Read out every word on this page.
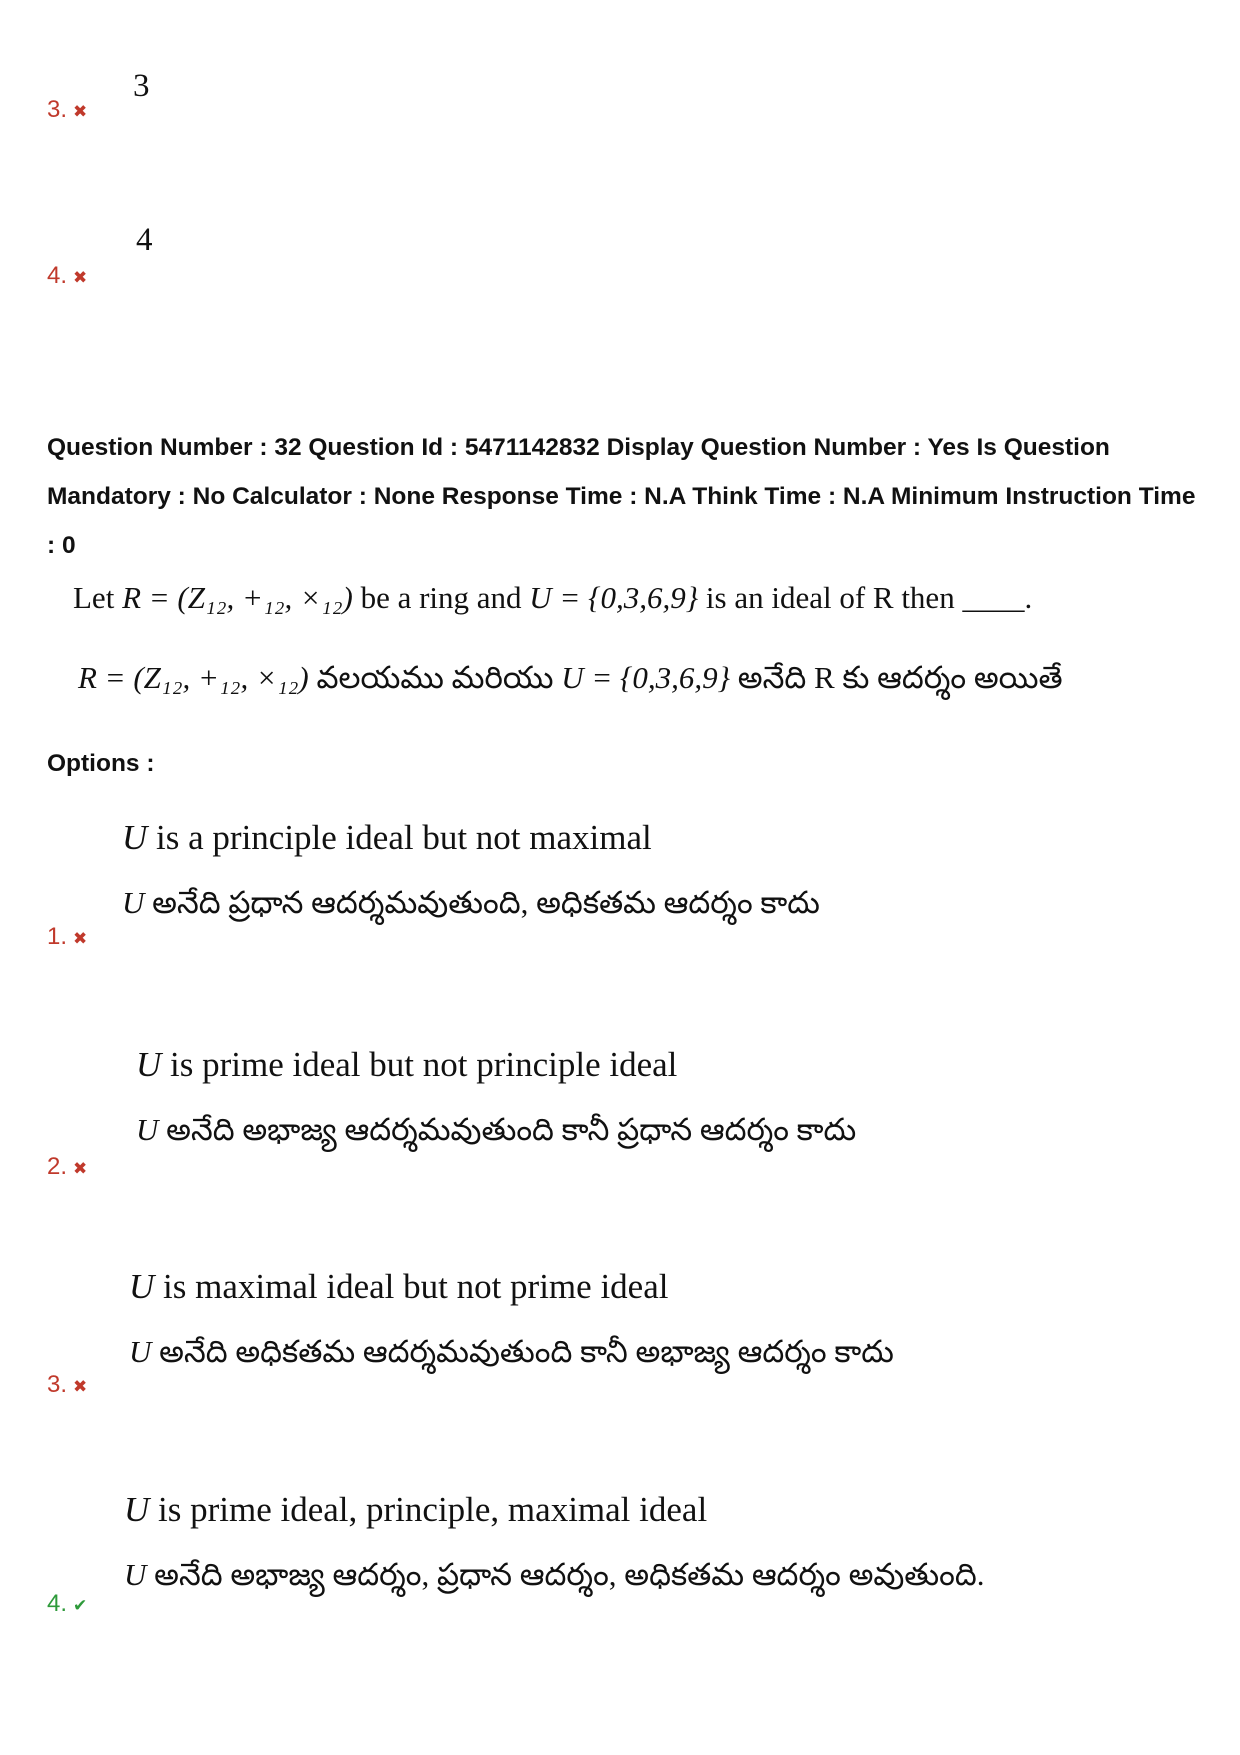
3
3. ✖
4
4. ✖
Question Number : 32 Question Id : 5471142832 Display Question Number : Yes Is Question Mandatory : No Calculator : None Response Time : N.A Think Time : N.A Minimum Instruction Time : 0
Let R = (Z₁₂, +₁₂, ×₁₂) be a ring and U = {0,3,6,9} is an ideal of R then ____.
R = (Z₁₂, +₁₂, ×₁₂) వలయము మరియు U = {0,3,6,9} అనేది R కు ఆదర్శం అయితే
Options :
U is a principle ideal but not maximal
U అనేది ప్రధాన ఆదర్శమవుతుంది, అధికతమ ఆదర్శం కాదు
1. ✖
U is prime ideal but not principle ideal
U అనేది అభాజ్య ఆదర్శమవుతుంది కానీ ప్రధాన ఆదర్శం కాదు
2. ✖
U is maximal ideal but not prime ideal
U అనేది అధికతమ ఆదర్శమవుతుంది కానీ అభాజ్య ఆదర్శం కాదు
3. ✖
U is prime ideal, principle, maximal ideal
U అనేది అభాజ్య ఆదర్శం, ప్రధాన ఆదర్శం, అధికతమ ఆదర్శం అవుతుంది.
4. ✔
